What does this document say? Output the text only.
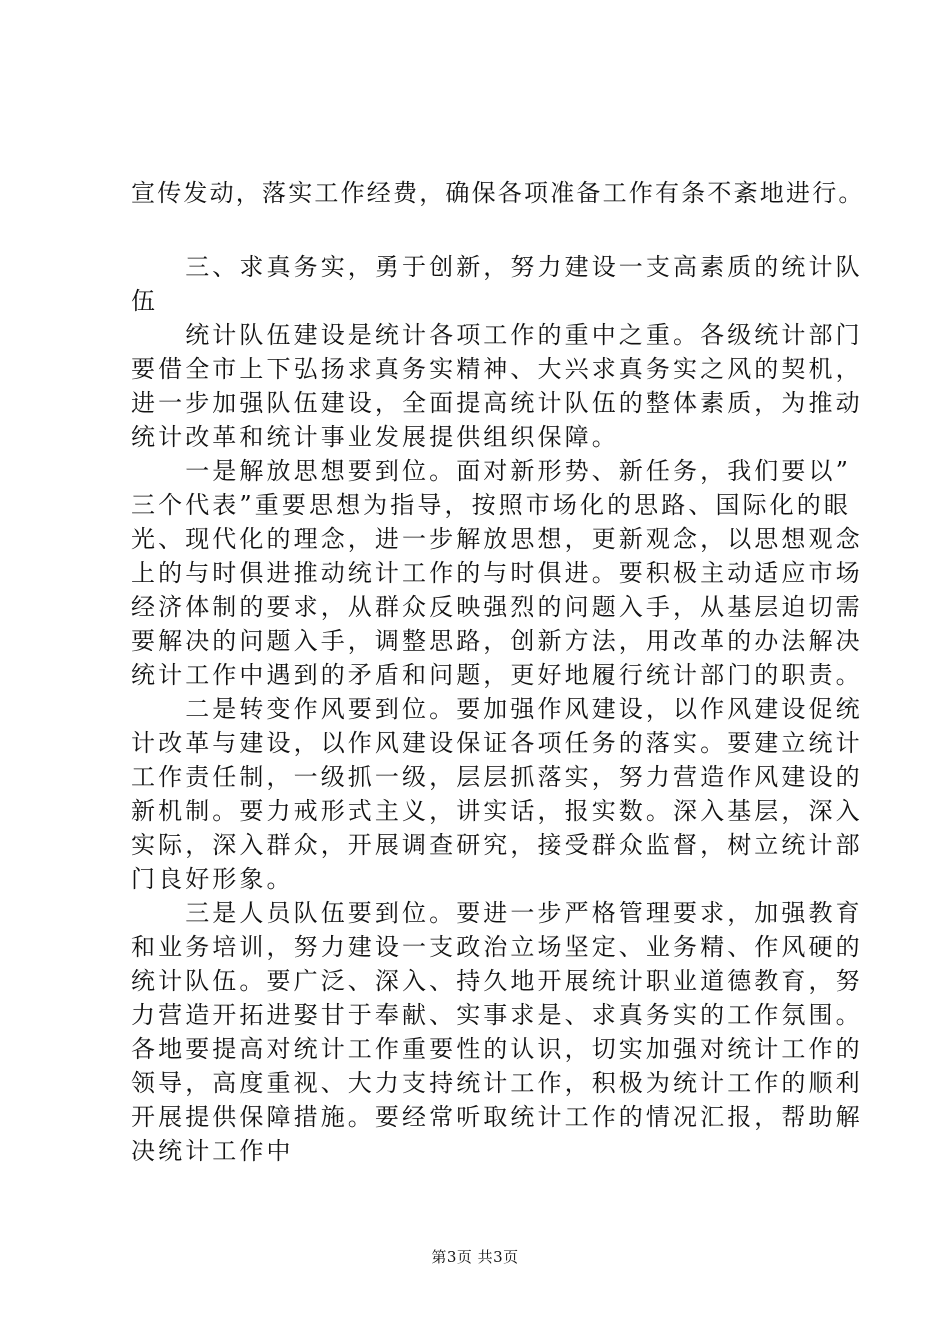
宣传发动，落实工作经费，确保各项准备工作有条不紊地进行。
　　三、求真务实，勇于创新，努力建设一支高素质的统计队
伍
　　统计队伍建设是统计各项工作的重中之重。各级统计部门
要借全市上下弘扬求真务实精神、大兴求真务实之风的契机，
进一步加强队伍建设，全面提高统计队伍的整体素质，为推动
统计改革和统计事业发展提供组织保障。
　　一是解放思想要到位。面对新形势、新任务，我们要以”
三个代表”重要思想为指导，按照市场化的思路、国际化的眼
光、现代化的理念，进一步解放思想，更新观念，以思想观念
上的与时俱进推动统计工作的与时俱进。要积极主动适应市场
经济体制的要求，从群众反映强烈的问题入手，从基层迫切需
要解决的问题入手，调整思路，创新方法，用改革的办法解决
统计工作中遇到的矛盾和问题，更好地履行统计部门的职责。
　　二是转变作风要到位。要加强作风建设，以作风建设促统
计改革与建设，以作风建设保证各项任务的落实。要建立统计
工作责任制，一级抓一级，层层抓落实，努力营造作风建设的
新机制。要力戒形式主义，讲实话，报实数。深入基层，深入
实际，深入群众，开展调查研究，接受群众监督，树立统计部
门良好形象。
　　三是人员队伍要到位。要进一步严格管理要求，加强教育
和业务培训，努力建设一支政治立场坚定、业务精、作风硬的
统计队伍。要广泛、深入、持久地开展统计职业道德教育，努
力营造开拓进娶甘于奉献、实事求是、求真务实的工作氛围。
各地要提高对统计工作重要性的认识，切实加强对统计工作的
领导，高度重视、大力支持统计工作，积极为统计工作的顺利
开展提供保障措施。要经常听取统计工作的情况汇报，帮助解
决统计工作中
第3页 共3页
